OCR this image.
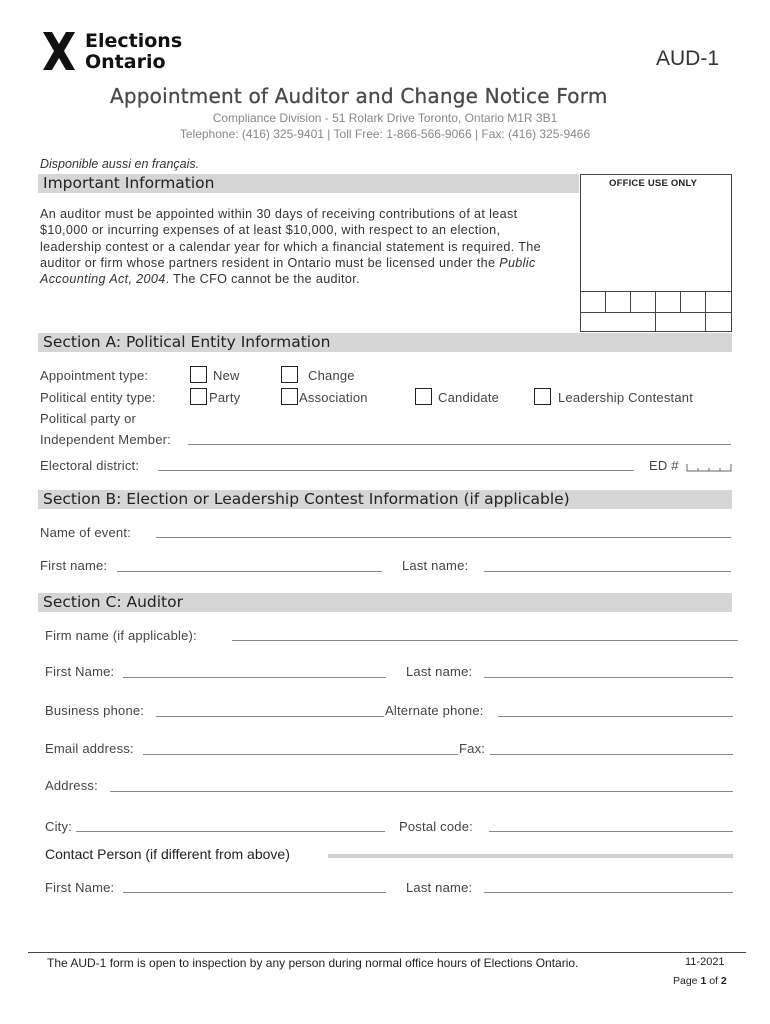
Elections
Ontario	AUD-1
Appointment of Auditor and Change Notice Form
Compliance Division - 51 Rolark Drive Toronto, Ontario M1R 3B1
Telephone: (416) 325-9401 | Toll Free: 1-866-566-9066 | Fax: (416) 325-9466
Disponible aussi en français.
Important Information
An auditor must be appointed within 30 days of receiving contributions of at least $10,000 or incurring expenses of at least $10,000, with respect to an election, leadership contest or a calendar year for which a financial statement is required. The auditor or firm whose partners resident in Ontario must be licensed under the Public Accounting Act, 2004. The CFO cannot be the auditor.
OFFICE USE ONLY
Section A: Political Entity Information
Appointment type:	New	Change
Political entity type:	Party	Association	Candidate	Leadership Contestant
Political party or
Independent Member:
Electoral district:	ED #
Section B: Election or Leadership Contest Information (if applicable)
Name of event:
First name:	Last name:
Section C: Auditor
Firm name (if applicable):
First Name:	Last name:
Business phone:	Alternate phone:
Email address:	Fax:
Address:
City:	Postal code:
Contact Person (if different from above)
First Name:	Last name:
The AUD-1 form is open to inspection by any person during normal office hours of Elections Ontario.	11-2021
Page 1 of 2
